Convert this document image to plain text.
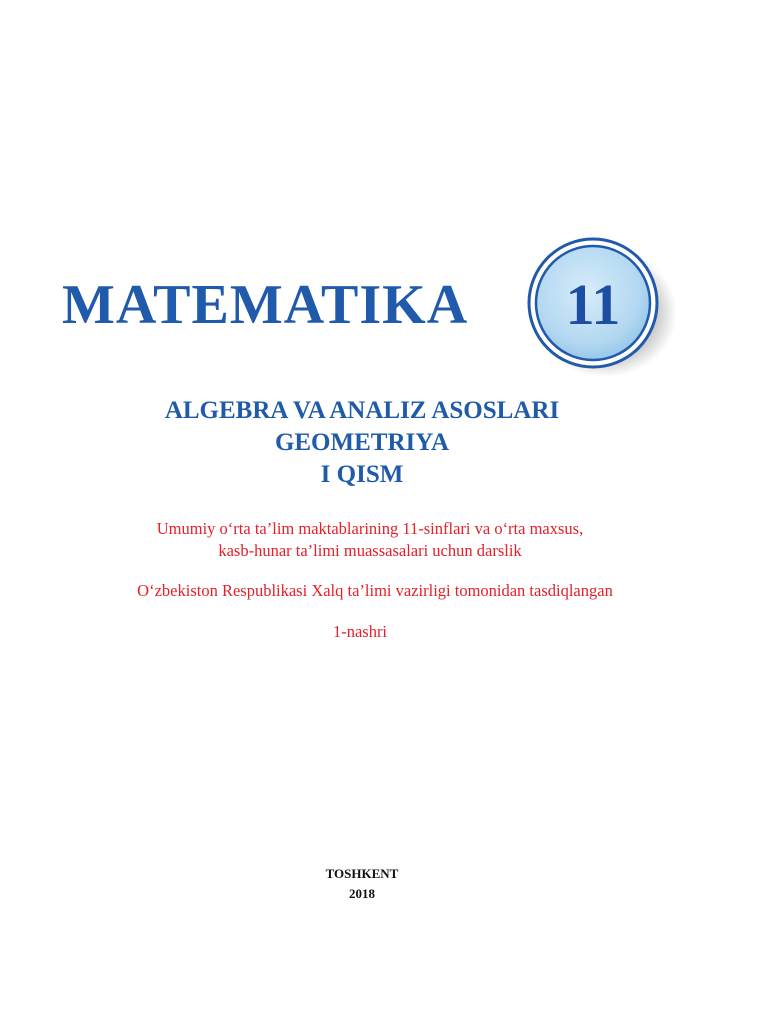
MATEMATIKA 11

ALGEBRA VA ANALIZ ASOSLARI

GEOMETRIYA

I QISM

Umumiy o‘rta ta’lim maktablarining 11-sinflari va o‘rta maxsus,

kasb-hunar ta’limi muassasalari uchun darslik

O‘zbekiston Respublikasi Xalq ta’limi vazirligi tomonidan tasdiqlangan

1-nashri

TOSHKENT

2018
